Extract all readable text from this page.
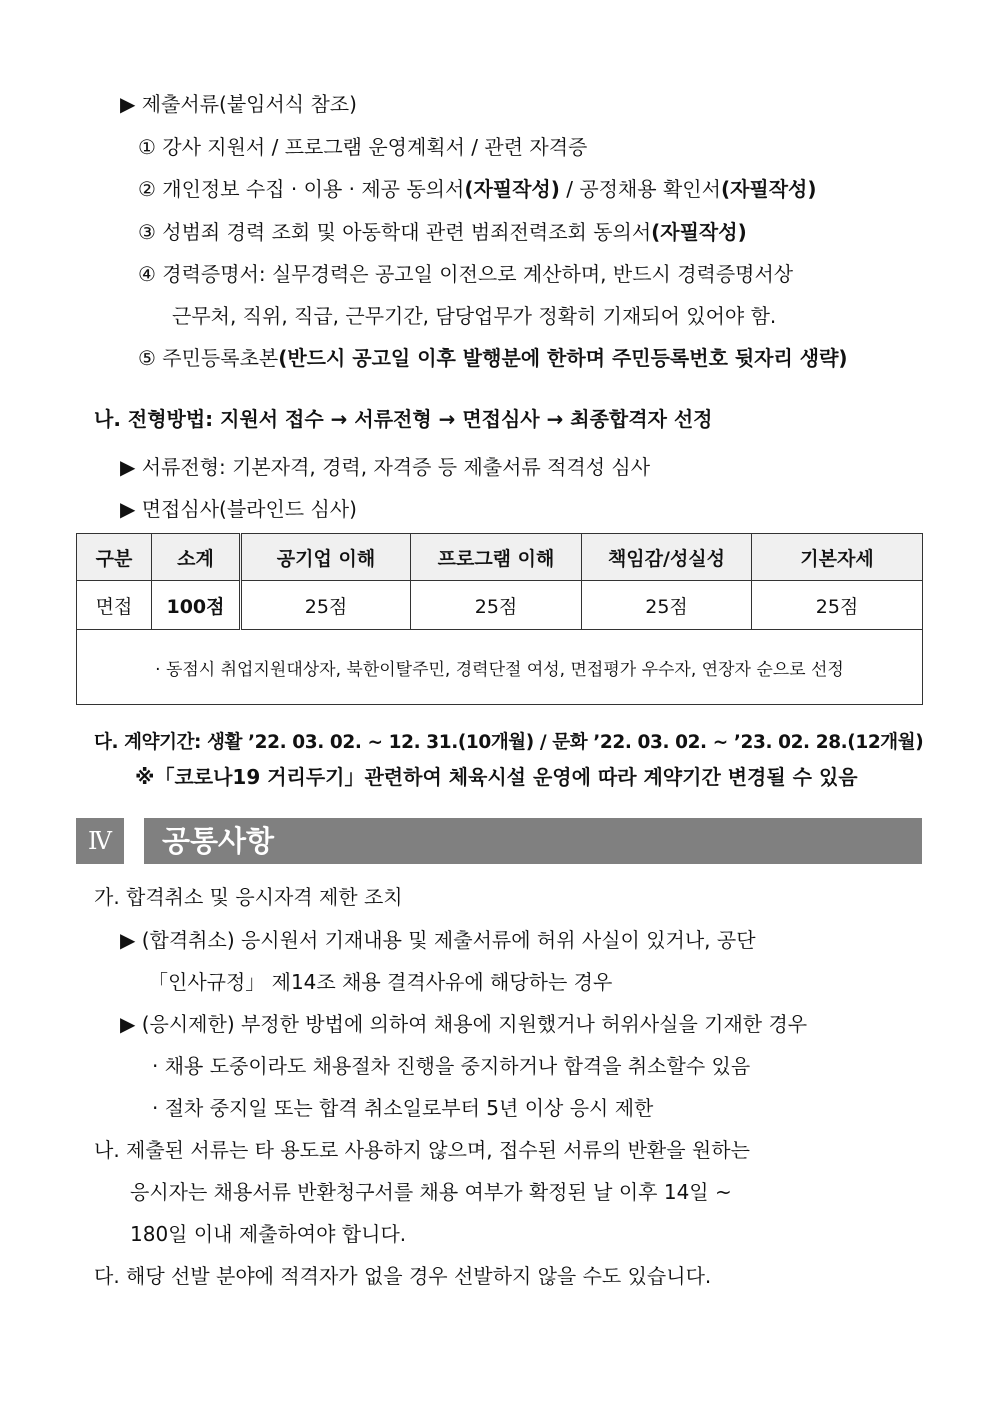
▶ 제출서류(붙임서식 참조)
① 강사 지원서 / 프로그램 운영계획서 / 관련 자격증
② 개인정보 수집 · 이용 · 제공 동의서(자필작성) / 공정채용 확인서(자필작성)
③ 성범죄 경력 조회 및 아동학대 관련 범죄전력조회 동의서(자필작성)
④ 경력증명서: 실무경력은 공고일 이전으로 계산하며, 반드시 경력증명서상
근무처, 직위, 직급, 근무기간, 담당업무가 정확히 기재되어 있어야 함.
⑤ 주민등록초본(반드시 공고일 이후 발행분에 한하며 주민등록번호 뒷자리 생략)
나. 전형방법: 지원서 접수 → 서류전형 → 면접심사 → 최종합격자 선정
▶ 서류전형: 기본자격, 경력, 자격증 등 제출서류 적격성 심사
▶ 면접심사(블라인드 심사)
구분	소계	공기업 이해	프로그램 이해	책임감/성실성	기본자세
면접	100점	25점	25점	25점	25점
· 동점시 취업지원대상자, 북한이탈주민, 경력단절 여성, 면접평가 우수자, 연장자 순으로 선정					
다. 계약기간: 생활 ’22. 03. 02. ~ 12. 31.(10개월) / 문화 ’22. 03. 02. ~ ’23. 02. 28.(12개월)
※「코로나19 거리두기」관련하여 체육시설 운영에 따라 계약기간 변경될 수 있음
Ⅳ	공통사항
가. 합격취소 및 응시자격 제한 조치
▶ (합격취소) 응시원서 기재내용 및 제출서류에 허위 사실이 있거나, 공단
「인사규정」 제14조 채용 결격사유에 해당하는 경우
▶ (응시제한) 부정한 방법에 의하여 채용에 지원했거나 허위사실을 기재한 경우
· 채용 도중이라도 채용절차 진행을 중지하거나 합격을 취소할수 있음
· 절차 중지일 또는 합격 취소일로부터 5년 이상 응시 제한
나. 제출된 서류는 타 용도로 사용하지 않으며, 접수된 서류의 반환을 원하는
응시자는 채용서류 반환청구서를 채용 여부가 확정된 날 이후 14일 ~
180일 이내 제출하여야 합니다.
다. 해당 선발 분야에 적격자가 없을 경우 선발하지 않을 수도 있습니다.
